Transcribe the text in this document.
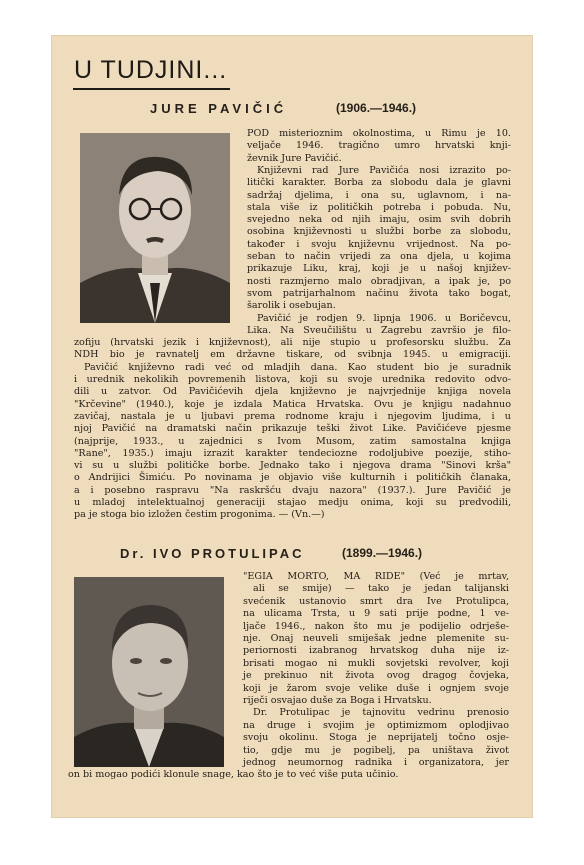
U TUDJINI...
JURE PAVIČIĆ	(1906.—1946.)
Dr. IVO PROTULIPAC	(1899.—1946.)
POD misterioznim okolnostima, u Rimu je 10.
veljače 1946. tragično umro hrvatski knji-
ževnik Jure Pavičić.
Književni rad Jure Pavičića nosi izrazito po-
litički karakter. Borba za slobodu dala je glavni
sadržaj djelima, i ona su, uglavnom, i na-
stala više iz političkih potreba i pobuda. Nu,
svejedno neka od njih imaju, osim svih dobrih
osobina književnosti u službi borbe za slobodu,
također i svoju književnu vrijednost. Na po-
seban to način vrijedi za ona djela, u kojima
prikazuje Liku, kraj, koji je u našoj književ-
nosti razmjerno malo obradjivan, a ipak je, po
svom patrijarhalnom načinu života tako bogat,
šarolik i osebujan.
Pavičić je rodjen 9. lipnja 1906. u Boričevcu,
Lika. Na Sveučilištu u Zagrebu završio je filo-
zofiju (hrvatski jezik i književnost), ali nije stupio u profesorsku službu. Za
NDH bio je ravnatelj em državne tiskare, od svibnja 1945. u emigraciji.
Pavičić književno radi već od mladjih dana. Kao student bio je suradnik
i urednik nekolikih povremenih listova, koji su svoje urednika redovito odvo-
dili u zatvor. Od Pavičićevih djela književno je najvrjednije knjiga novela
"Krčevine" (1940.), koje je izdala Matica Hrvatska. Ovu je knjigu nadahnuo
zavičaj, nastala je u ljubavi prema rodnome kraju i njegovim ljudima, i u
njoj Pavičić na dramatski način prikazuje teški život Like. Pavičićeve pjesme
(najprije, 1933., u zajednici s Ivom Musom, zatim samostalna knjiga
"Rane", 1935.) imaju izrazit karakter tendeciozne rodoljubive poezije, stiho-
vi su u službi političke borbe. Jednako tako i njegova drama "Sinovi krša"
o Andrijici Šimiću. Po novinama je objavio više kulturnih i političkih članaka,
a i posebno raspravu "Na raskršću dvaju nazora" (1937.). Jure Pavičić je
u mladoj intelektualnoj generaciji stajao medju onima, koji su predvodili,
pa je stoga bio izložen čestim progonima. — (Vn.—)
"EGIA MORTO, MA RIDE" (Već je mrtav,
ali se smije) — tako je jedan talijanski
svećenik ustanovio smrt dra Ive Protulipca,
na ulicama Trsta, u 9 sati prije podne, 1 ve-
ljače 1946., nakon što mu je podijelio odrješe-
nje. Onaj neuveli smiješak jedne plemenite su-
periornosti izabranog hrvatskog duha nije iz-
brisati mogao ni mukli sovjetski revolver, koji
je prekinuo nit života ovog dragog čovjeka,
koji je žarom svoje velike duše i ognjem svoje
riječi osvajao duše za Boga i Hrvatsku.
Dr. Protulipac je tajnovitu vedrinu prenosio
na druge i svojim je optimizmom oplodjivao
svoju okolinu. Stoga je neprijatelj točno osje-
tio, gdje mu je pogibelj, pa uništava život
jednog neumornog radnika i organizatora, jer
on bi mogao podići klonule snage, kao što je to već više puta učinio.
